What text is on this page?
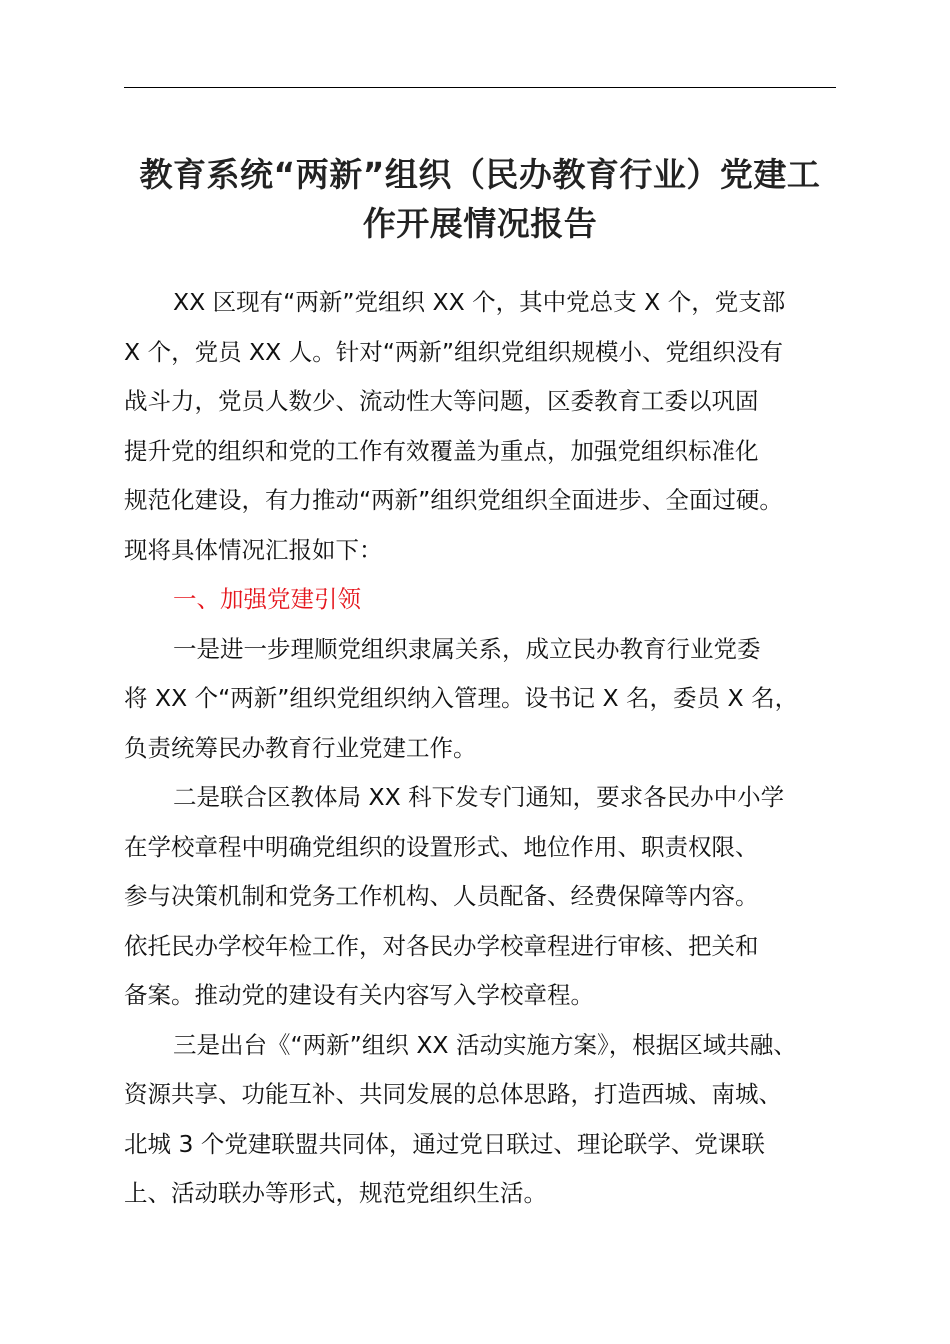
教育系统“两新”组织（民办教育行业）党建工
作开展情况报告
XX 区现有“两新”党组织 XX 个，其中党总支 X 个，党支部
X 个，党员 XX 人。针对“两新”组织党组织规模小、党组织没有
战斗力，党员人数少、流动性大等问题，区委教育工委以巩固
提升党的组织和党的工作有效覆盖为重点，加强党组织标准化
规范化建设，有力推动“两新”组织党组织全面进步、全面过硬。
现将具体情况汇报如下：
一、加强党建引领
一是进一步理顺党组织隶属关系，成立民办教育行业党委
将 XX 个“两新”组织党组织纳入管理。设书记 X 名，委员 X 名，
负责统筹民办教育行业党建工作。
二是联合区教体局 XX 科下发专门通知，要求各民办中小学
在学校章程中明确党组织的设置形式、地位作用、职责权限、
参与决策机制和党务工作机构、人员配备、经费保障等内容。
依托民办学校年检工作，对各民办学校章程进行审核、把关和
备案。推动党的建设有关内容写入学校章程。
三是出台《“两新”组织 XX 活动实施方案》，根据区域共融、
资源共享、功能互补、共同发展的总体思路，打造西城、南城、
北城 3 个党建联盟共同体，通过党日联过、理论联学、党课联
上、活动联办等形式，规范党组织生活。
